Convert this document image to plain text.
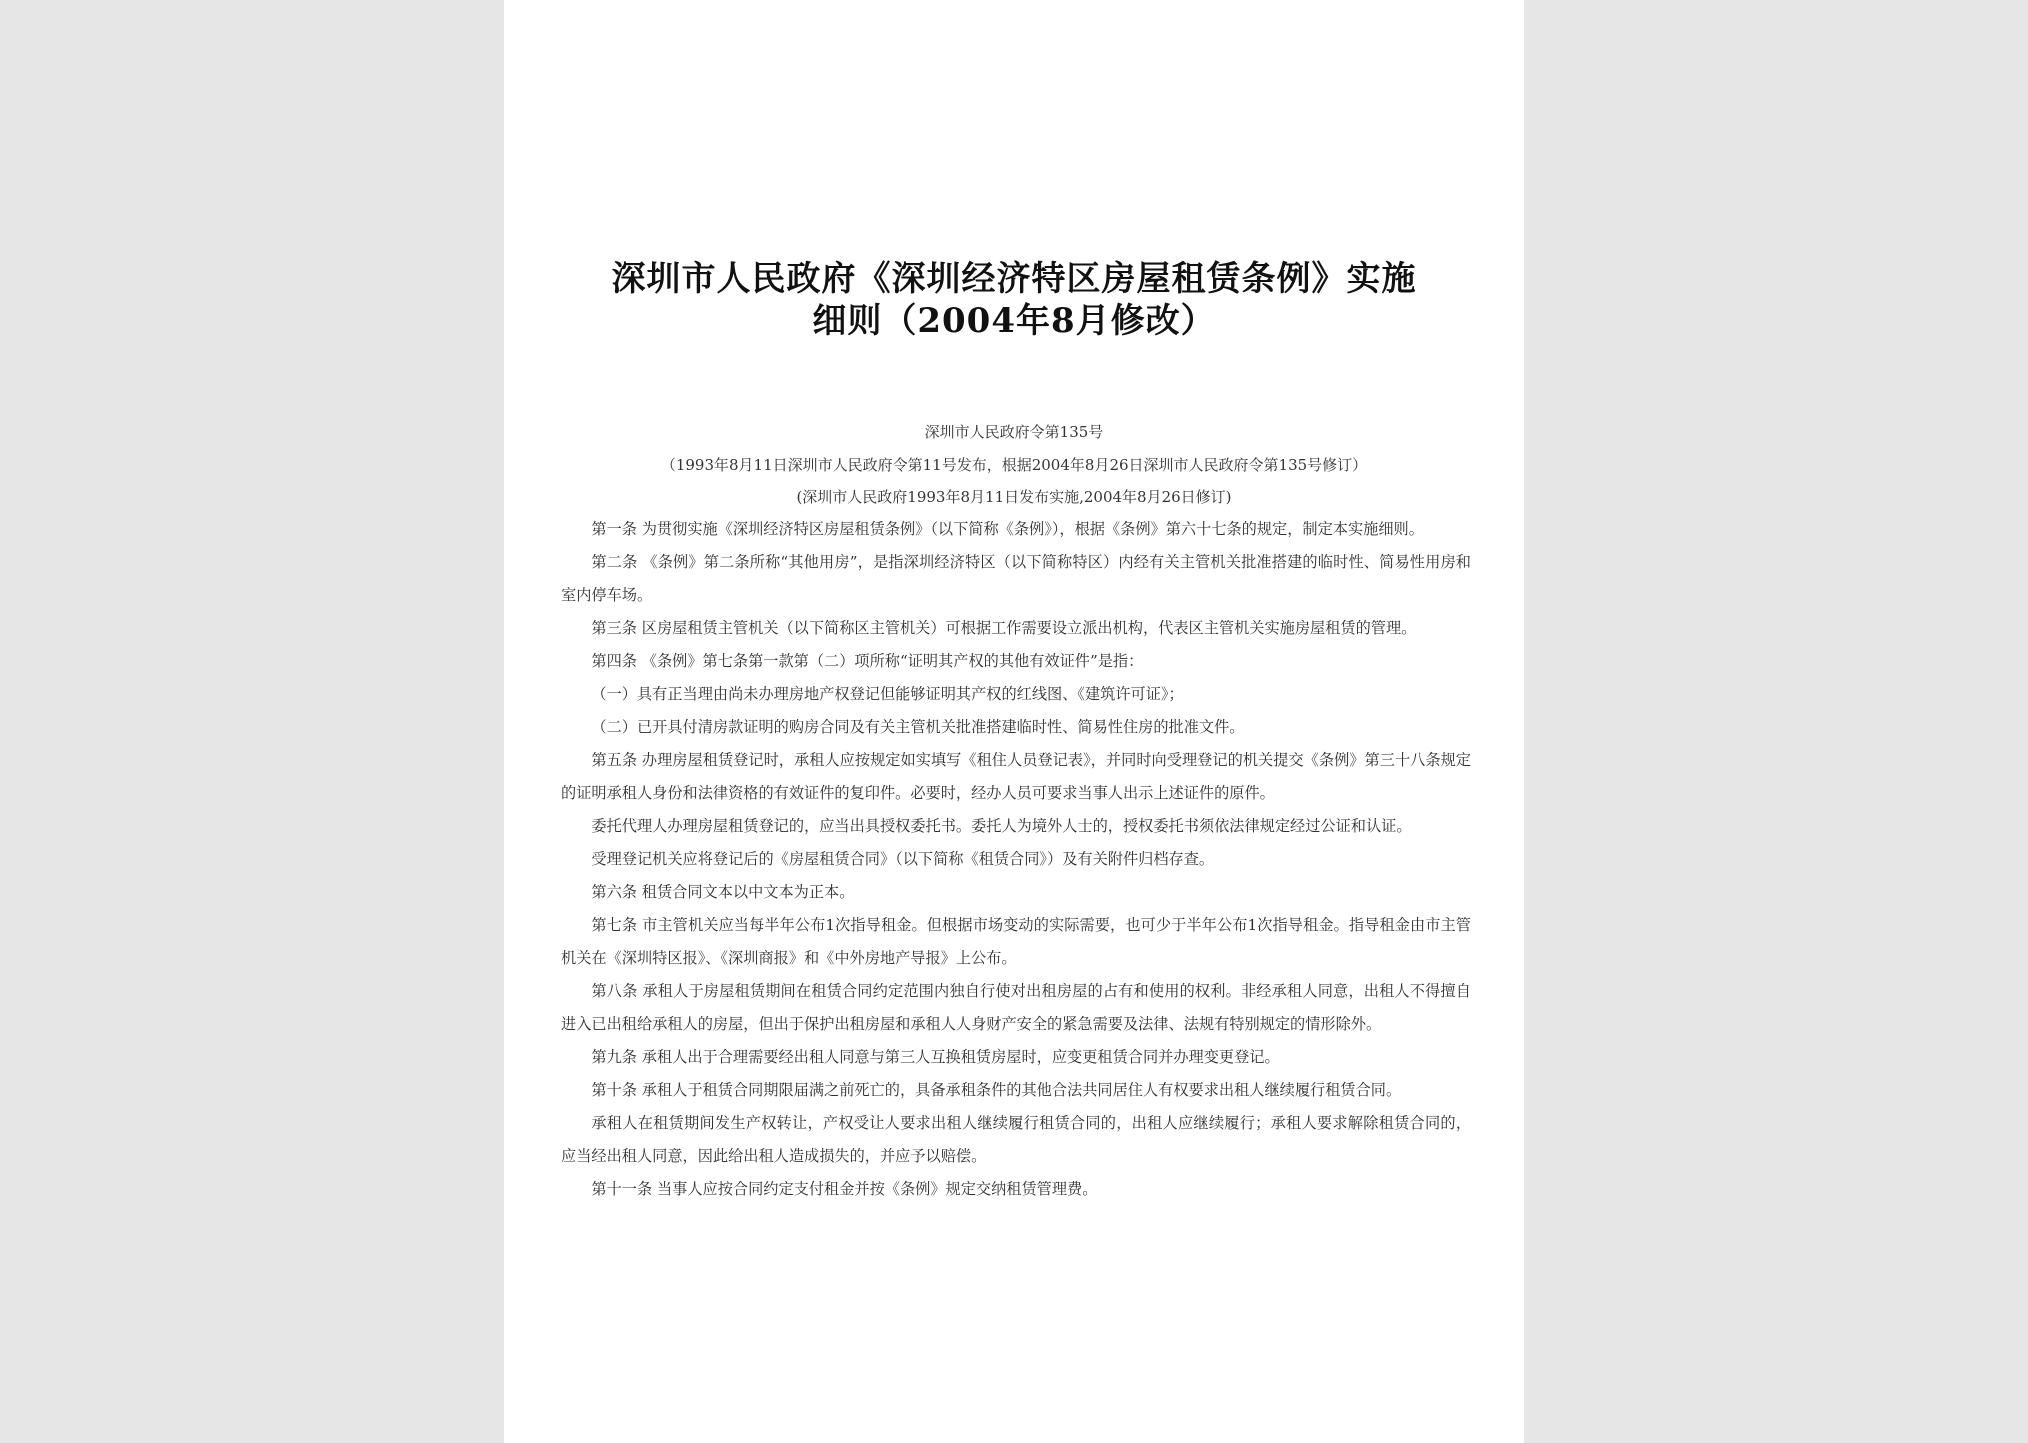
深圳市人民政府《深圳经济特区房屋租赁条例》实施
细则（2004年8月修改）
深圳市人民政府令第135号
（1993年8月11日深圳市人民政府令第11号发布，根据2004年8月26日深圳市人民政府令第135号修订）
(深圳市人民政府1993年8月11日发布实施,2004年8月26日修订)

第一条 为贯彻实施《深圳经济特区房屋租赁条例》（以下简称《条例》），根据《条例》第六十七条的规定，制定本实施细则。

第二条 《条例》第二条所称“其他用房”，是指深圳经济特区（以下简称特区）内经有关主管机关批准搭建的临时性、简易性用房和室内停车场。

第三条 区房屋租赁主管机关（以下简称区主管机关）可根据工作需要设立派出机构，代表区主管机关实施房屋租赁的管理。

第四条 《条例》第七条第一款第（二）项所称“证明其产权的其他有效证件”是指：

（一）具有正当理由尚未办理房地产权登记但能够证明其产权的红线图、《建筑许可证》；

（二）已开具付清房款证明的购房合同及有关主管机关批准搭建临时性、简易性住房的批准文件。

第五条 办理房屋租赁登记时，承租人应按规定如实填写《租住人员登记表》，并同时向受理登记的机关提交《条例》第三十八条规定的证明承租人身份和法律资格的有效证件的复印件。必要时，经办人员可要求当事人出示上述证件的原件。

委托代理人办理房屋租赁登记的，应当出具授权委托书。委托人为境外人士的，授权委托书须依法律规定经过公证和认证。

受理登记机关应将登记后的《房屋租赁合同》（以下简称《租赁合同》）及有关附件归档存查。

第六条 租赁合同文本以中文本为正本。

第七条 市主管机关应当每半年公布1次指导租金。但根据市场变动的实际需要，也可少于半年公布1次指导租金。指导租金由市主管机关在《深圳特区报》、《深圳商报》和《中外房地产导报》上公布。

第八条 承租人于房屋租赁期间在租赁合同约定范围内独自行使对出租房屋的占有和使用的权利。非经承租人同意，出租人不得擅自进入已出租给承租人的房屋，但出于保护出租房屋和承租人人身财产安全的紧急需要及法律、法规有特别规定的情形除外。

第九条 承租人出于合理需要经出租人同意与第三人互换租赁房屋时，应变更租赁合同并办理变更登记。

第十条 承租人于租赁合同期限届满之前死亡的，具备承租条件的其他合法共同居住人有权要求出租人继续履行租赁合同。

承租人在租赁期间发生产权转让，产权受让人要求出租人继续履行租赁合同的，出租人应继续履行；承租人要求解除租赁合同的，应当经出租人同意，因此给出租人造成损失的，并应予以赔偿。

第十一条 当事人应按合同约定支付租金并按《条例》规定交纳租赁管理费。
